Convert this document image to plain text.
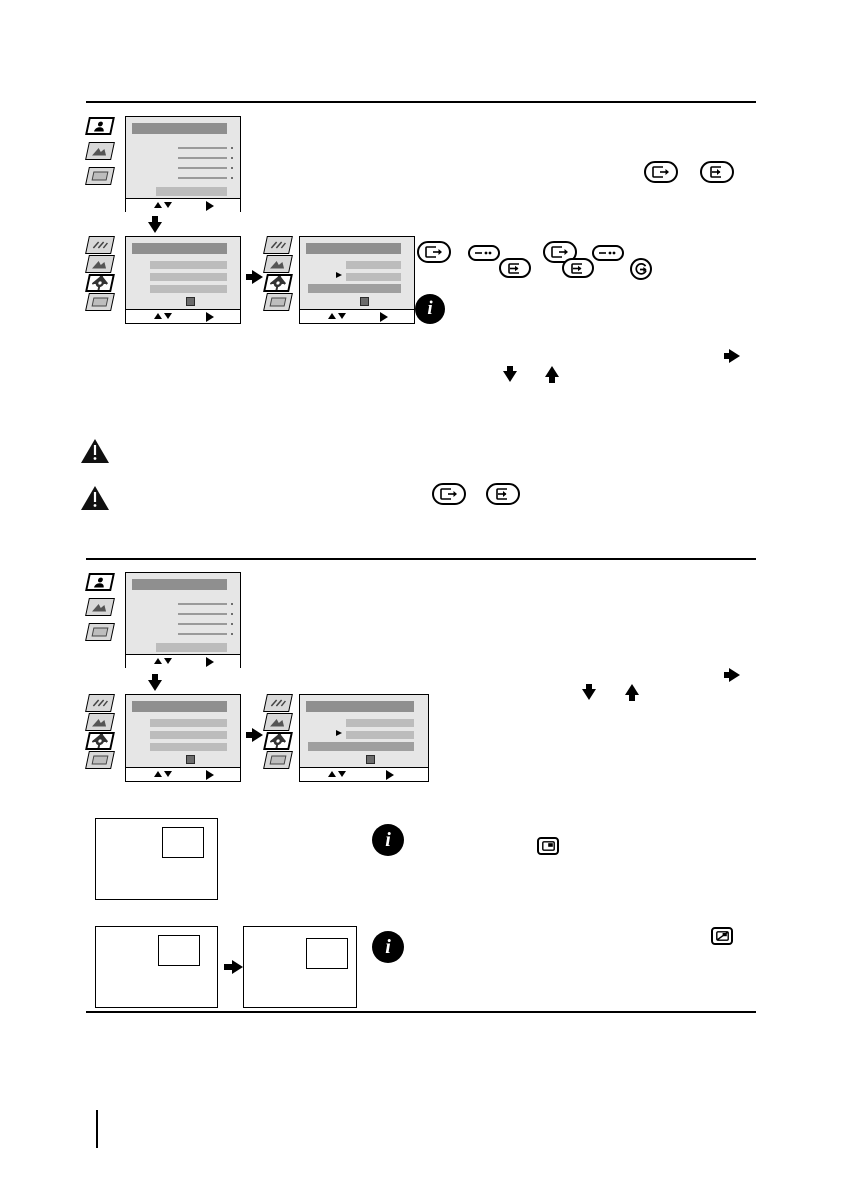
i
i
i
